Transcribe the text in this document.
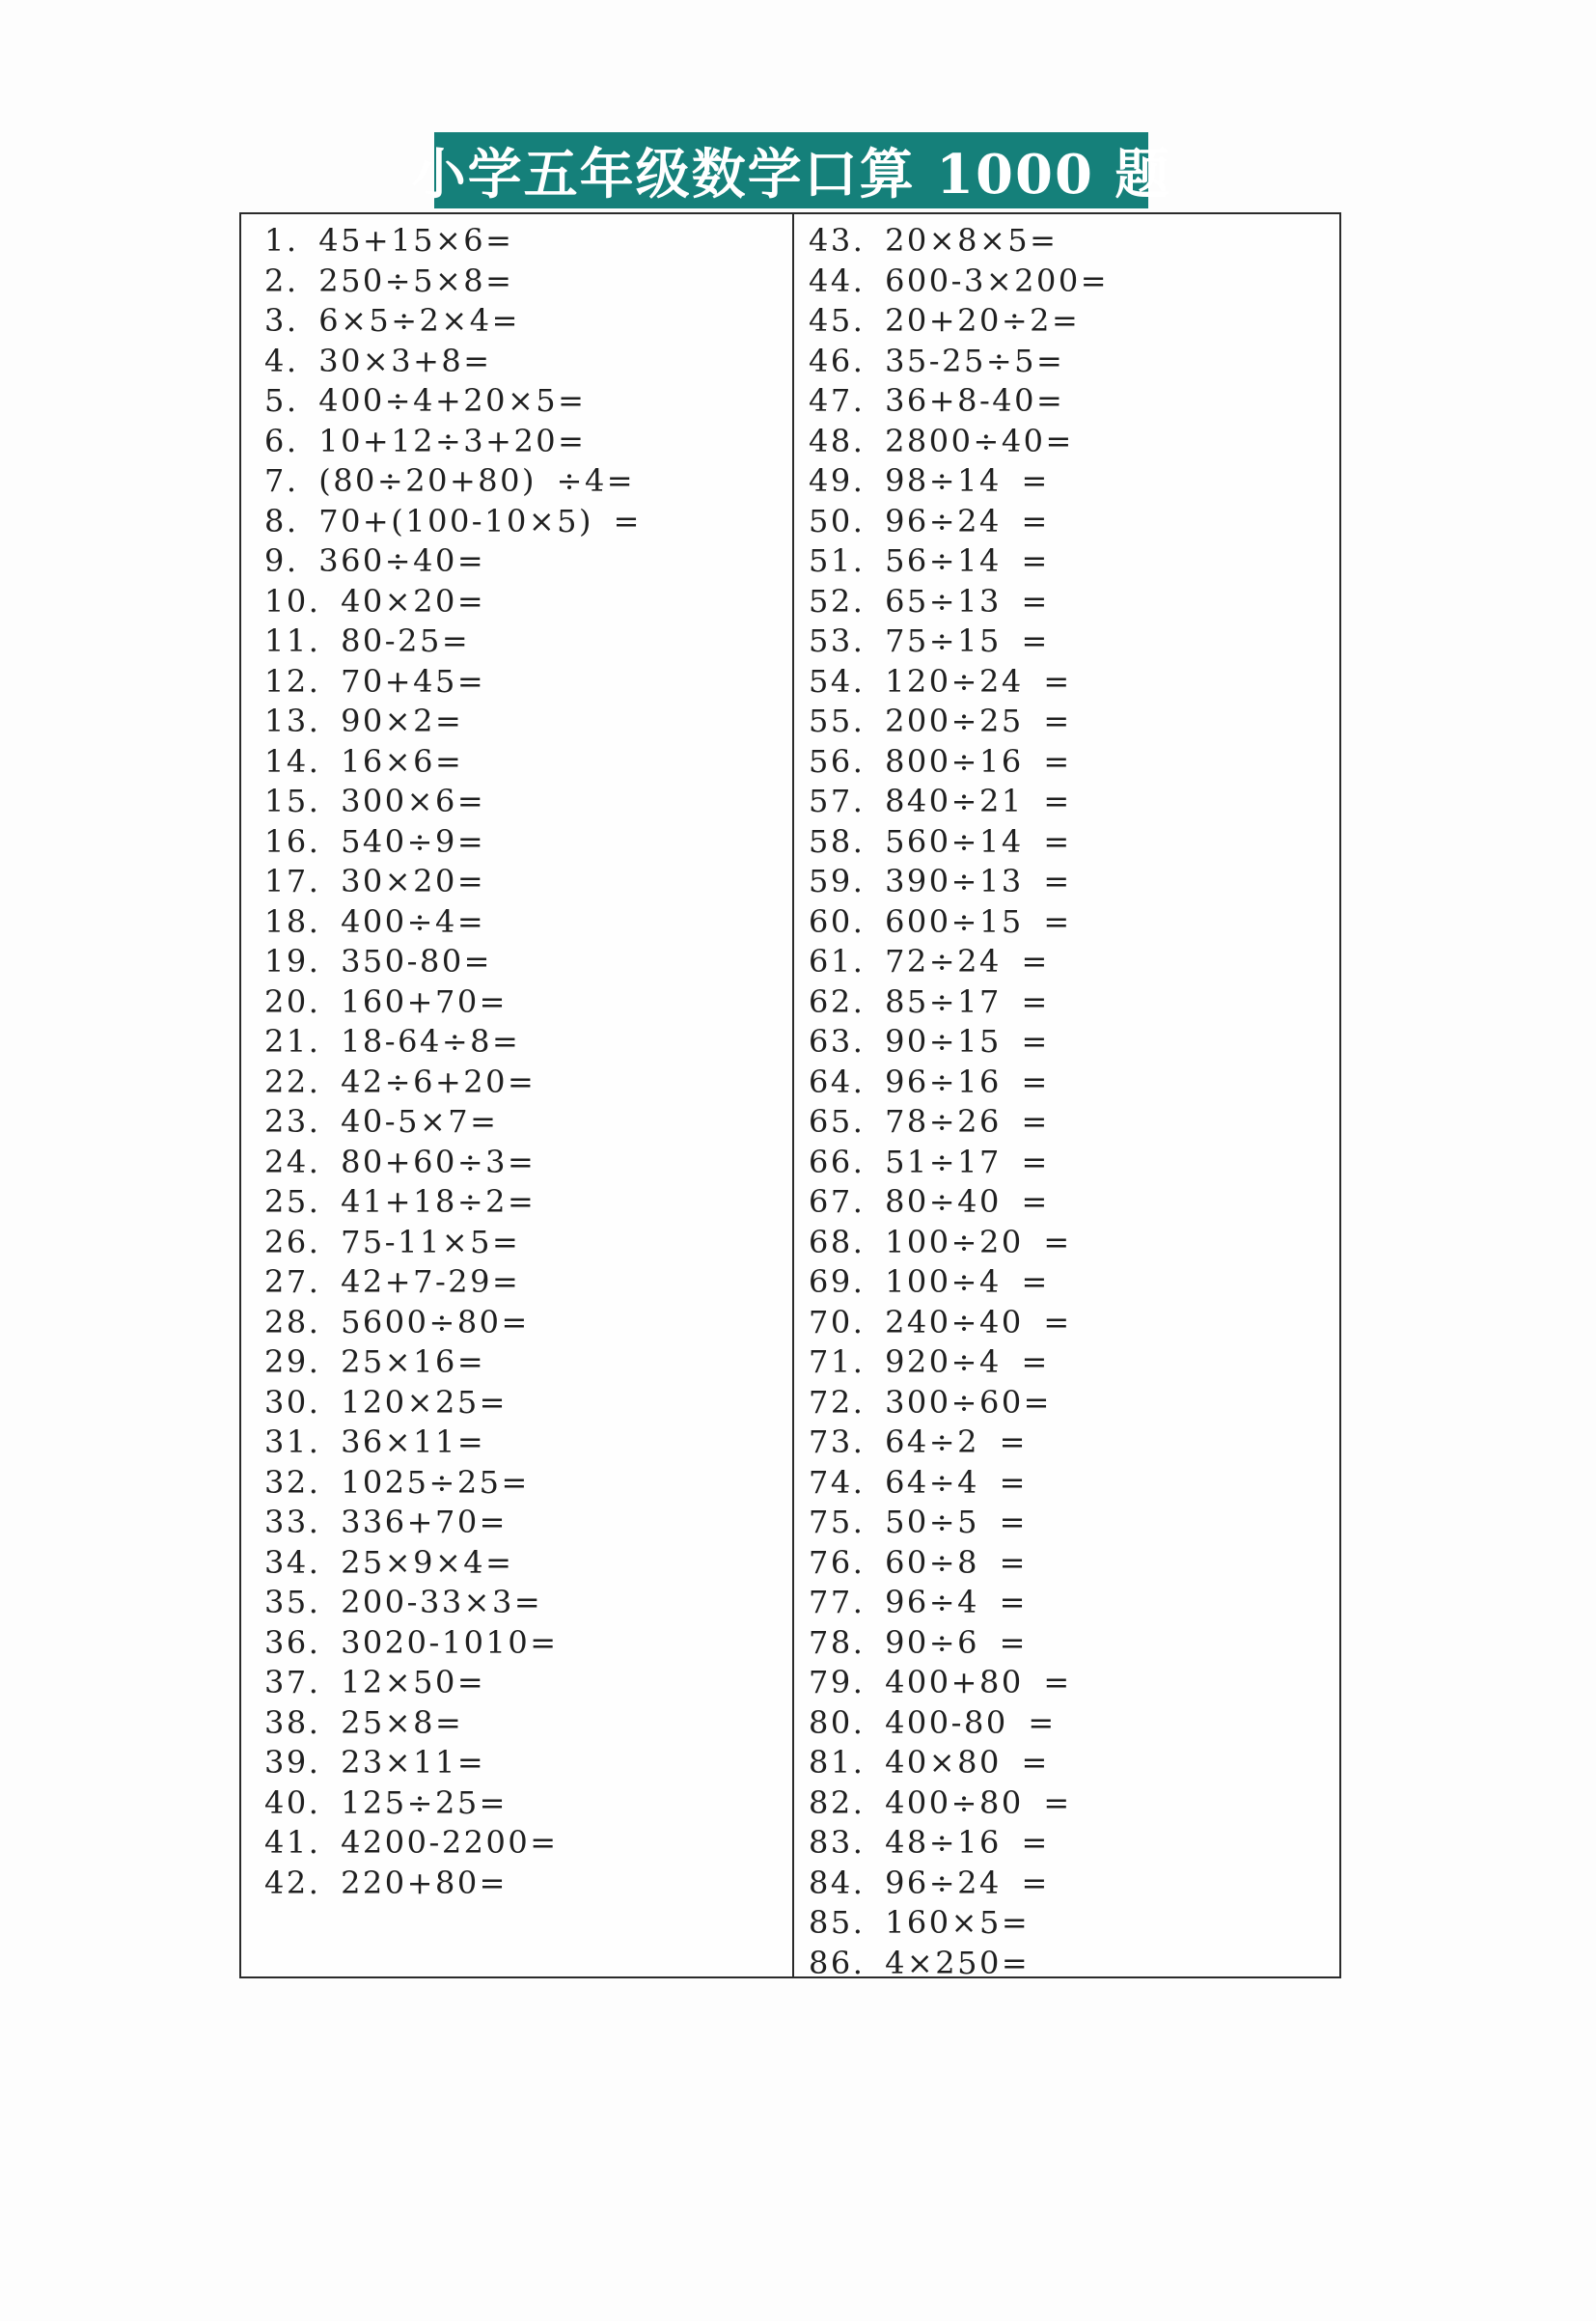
小学五年级数学口算 1000 题
1. 45+15×6=
2. 250÷5×8=
3. 6×5÷2×4=
4. 30×3+8=
5. 400÷4+20×5=
6. 10+12÷3+20=
7. (80÷20+80) ÷4=
8. 70+(100-10×5) =
9. 360÷40=
10. 40×20=
11. 80-25=
12. 70+45=
13. 90×2=
14. 16×6=
15. 300×6=
16. 540÷9=
17. 30×20=
18. 400÷4=
19. 350-80=
20. 160+70=
21. 18-64÷8=
22. 42÷6+20=
23. 40-5×7=
24. 80+60÷3=
25. 41+18÷2=
26. 75-11×5=
27. 42+7-29=
28. 5600÷80=
29. 25×16=
30. 120×25=
31. 36×11=
32. 1025÷25=
33. 336+70=
34. 25×9×4=
35. 200-33×3=
36. 3020-1010=
37. 12×50=
38. 25×8=
39. 23×11=
40. 125÷25=
41. 4200-2200=
42. 220+80=
43. 20×8×5=
44. 600-3×200=
45. 20+20÷2=
46. 35-25÷5=
47. 36+8-40=
48. 2800÷40=
49. 98÷14 =
50. 96÷24 =
51. 56÷14 =
52. 65÷13 =
53. 75÷15 =
54. 120÷24 =
55. 200÷25 =
56. 800÷16 =
57. 840÷21 =
58. 560÷14 =
59. 390÷13 =
60. 600÷15 =
61. 72÷24 =
62. 85÷17 =
63. 90÷15 =
64. 96÷16 =
65. 78÷26 =
66. 51÷17 =
67. 80÷40 =
68. 100÷20 =
69. 100÷4 =
70. 240÷40 =
71. 920÷4 =
72. 300÷60=
73. 64÷2 =
74. 64÷4 =
75. 50÷5 =
76. 60÷8 =
77. 96÷4 =
78. 90÷6 =
79. 400+80 =
80. 400-80 =
81. 40×80 =
82. 400÷80 =
83. 48÷16 =
84. 96÷24 =
85. 160×5=
86. 4×250=
